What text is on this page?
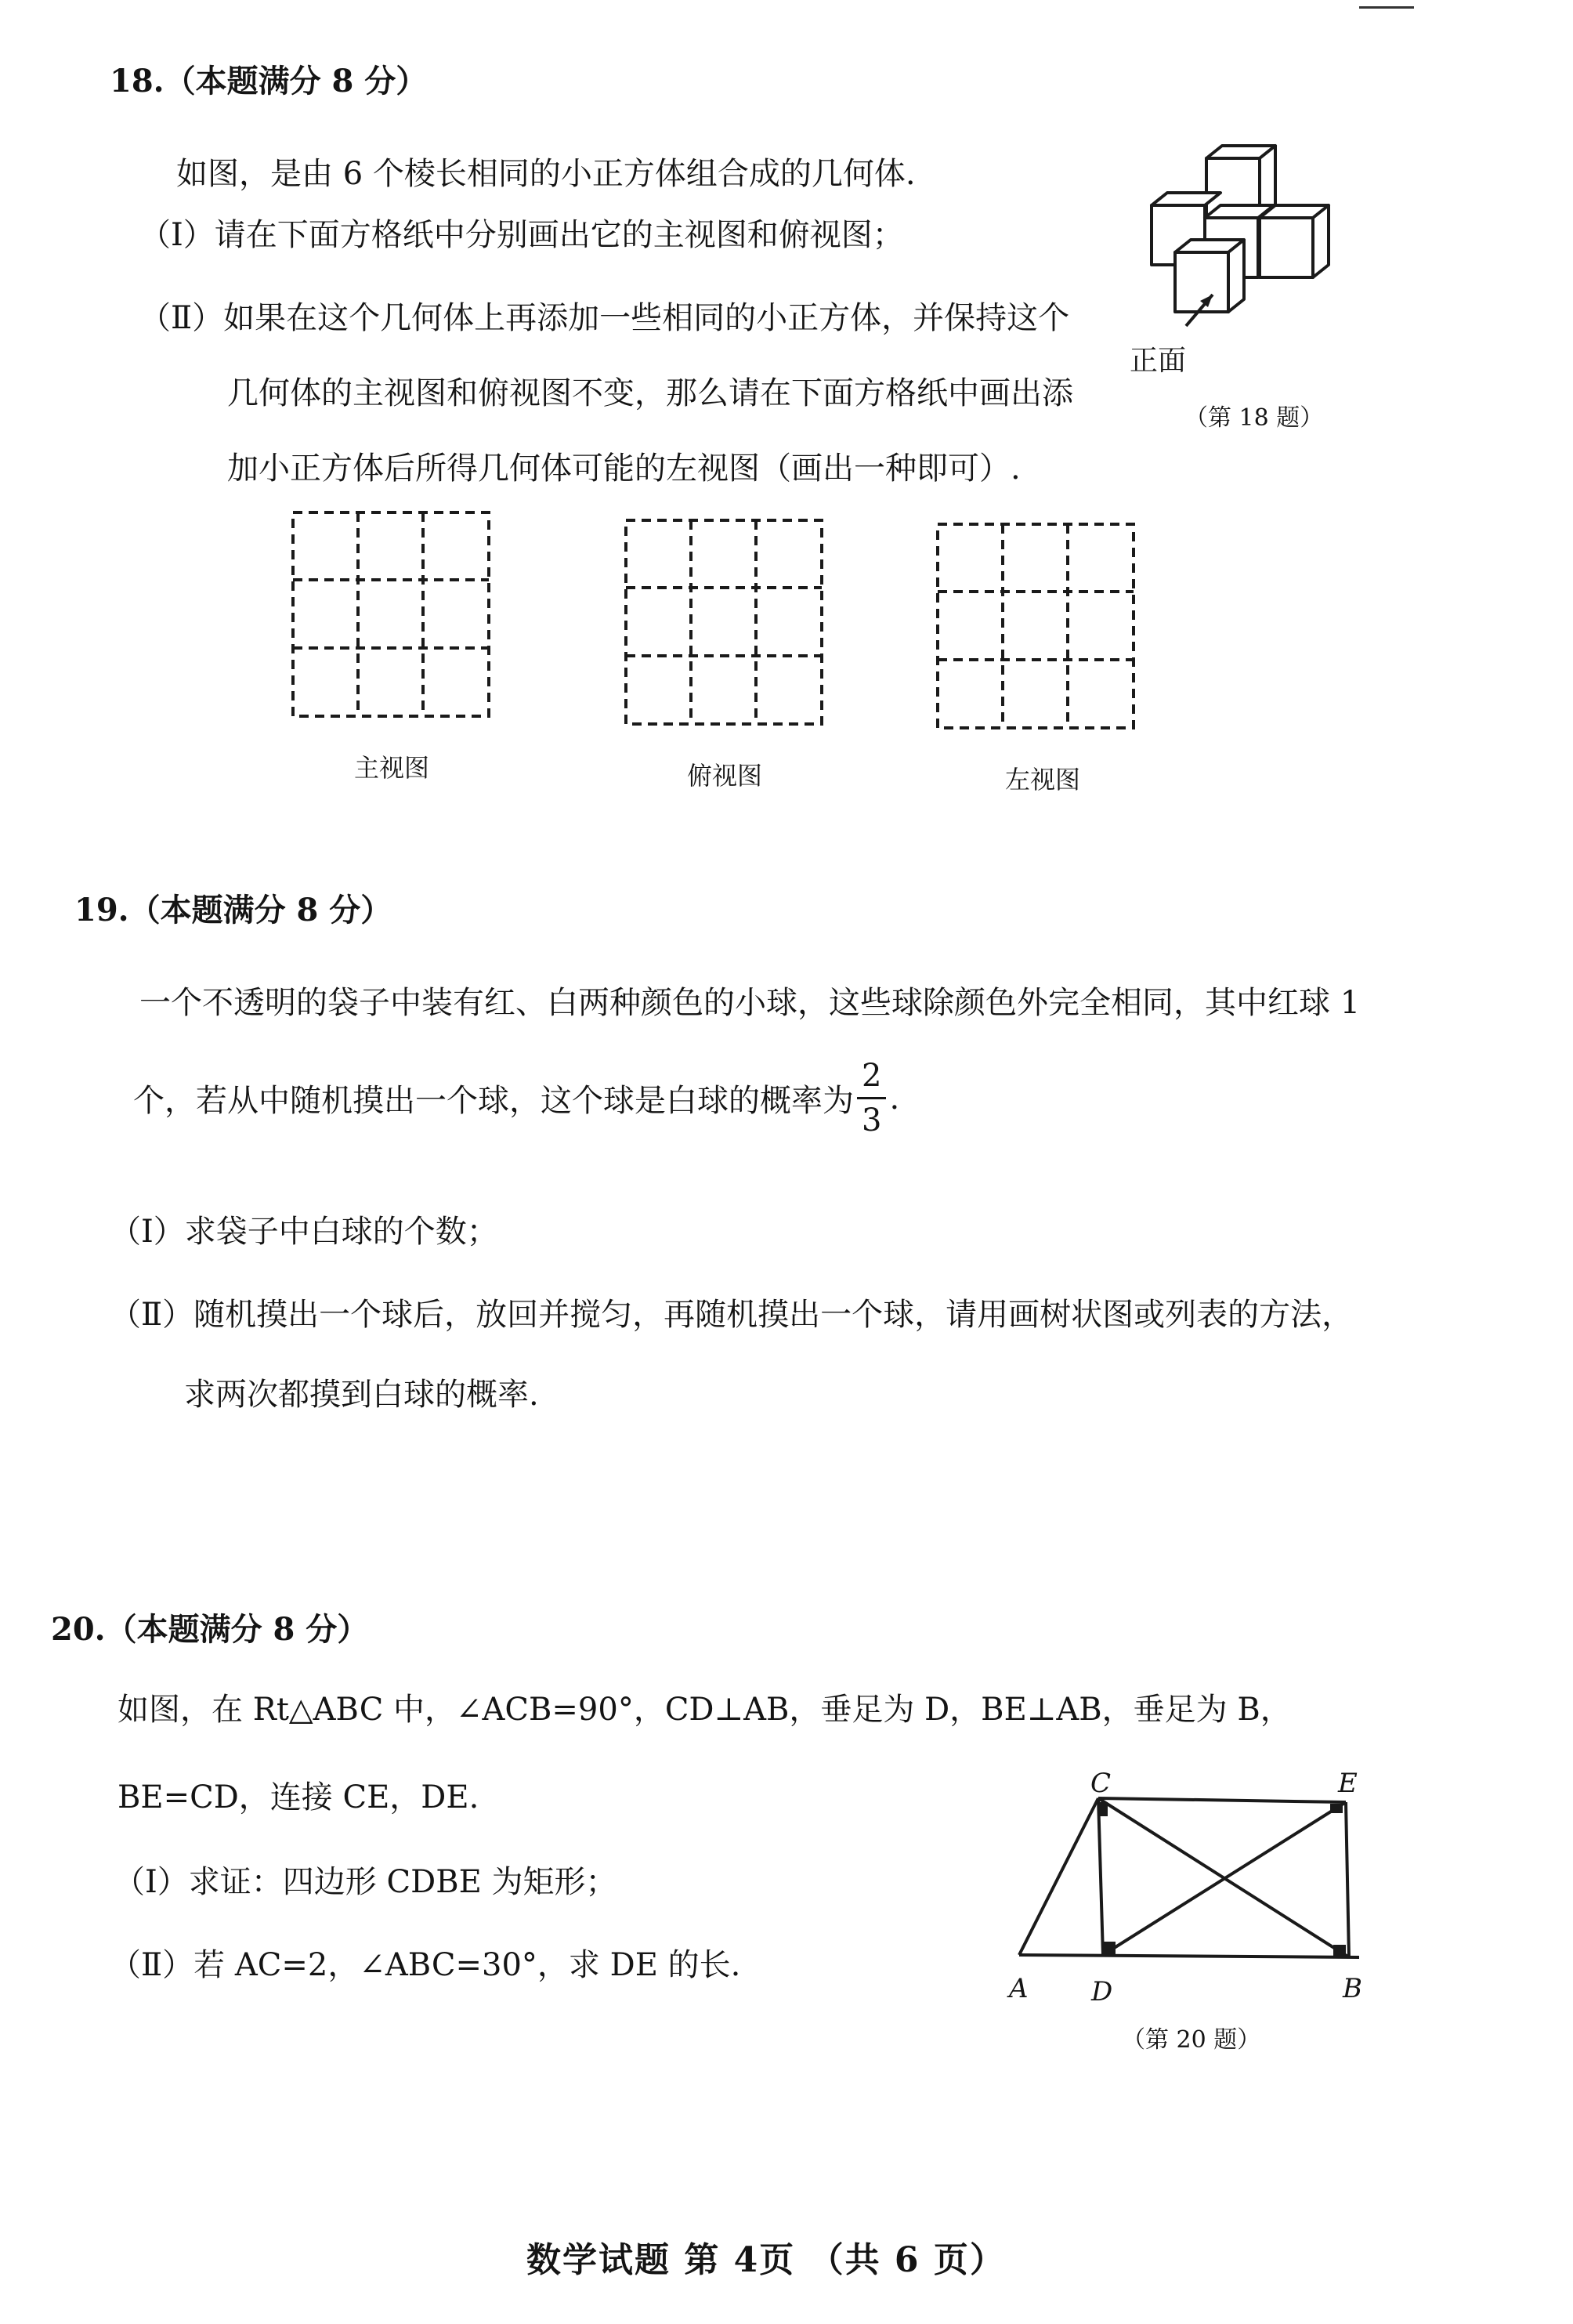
18.（本题满分 8 分）
如图，是由 6 个棱长相同的小正方体组合成的几何体.
（Ⅰ）请在下面方格纸中分别画出它的主视图和俯视图；
（Ⅱ）如果在这个几何体上再添加一些相同的小正方体，并保持这个
几何体的主视图和俯视图不变，那么请在下面方格纸中画出添
加小正方体后所得几何体可能的左视图（画出一种即可）.
正面
（第 18 题）
主视图	俯视图	左视图
19.（本题满分 8 分）
一个不透明的袋子中装有红、白两种颜色的小球，这些球除颜色外完全相同，其中红球 1
个，若从中随机摸出一个球，这个球是白球的概率为 $\frac{2}{3}$ .
（Ⅰ）求袋子中白球的个数；
（Ⅱ）随机摸出一个球后，放回并搅匀，再随机摸出一个球，请用画树状图或列表的方法，
求两次都摸到白球的概率.
20.（本题满分 8 分）
如图，在 Rt△ABC 中，∠ACB=90°，CD⊥AB，垂足为 D，BE⊥AB，垂足为 B，
BE=CD，连接 CE，DE.
（Ⅰ）求证：四边形 CDBE 为矩形；
（Ⅱ）若 AC=2，∠ABC=30°，求 DE 的长.
C	E
A D	B
（第 20 题）
数学试题 第 4页 （共 6 页）
